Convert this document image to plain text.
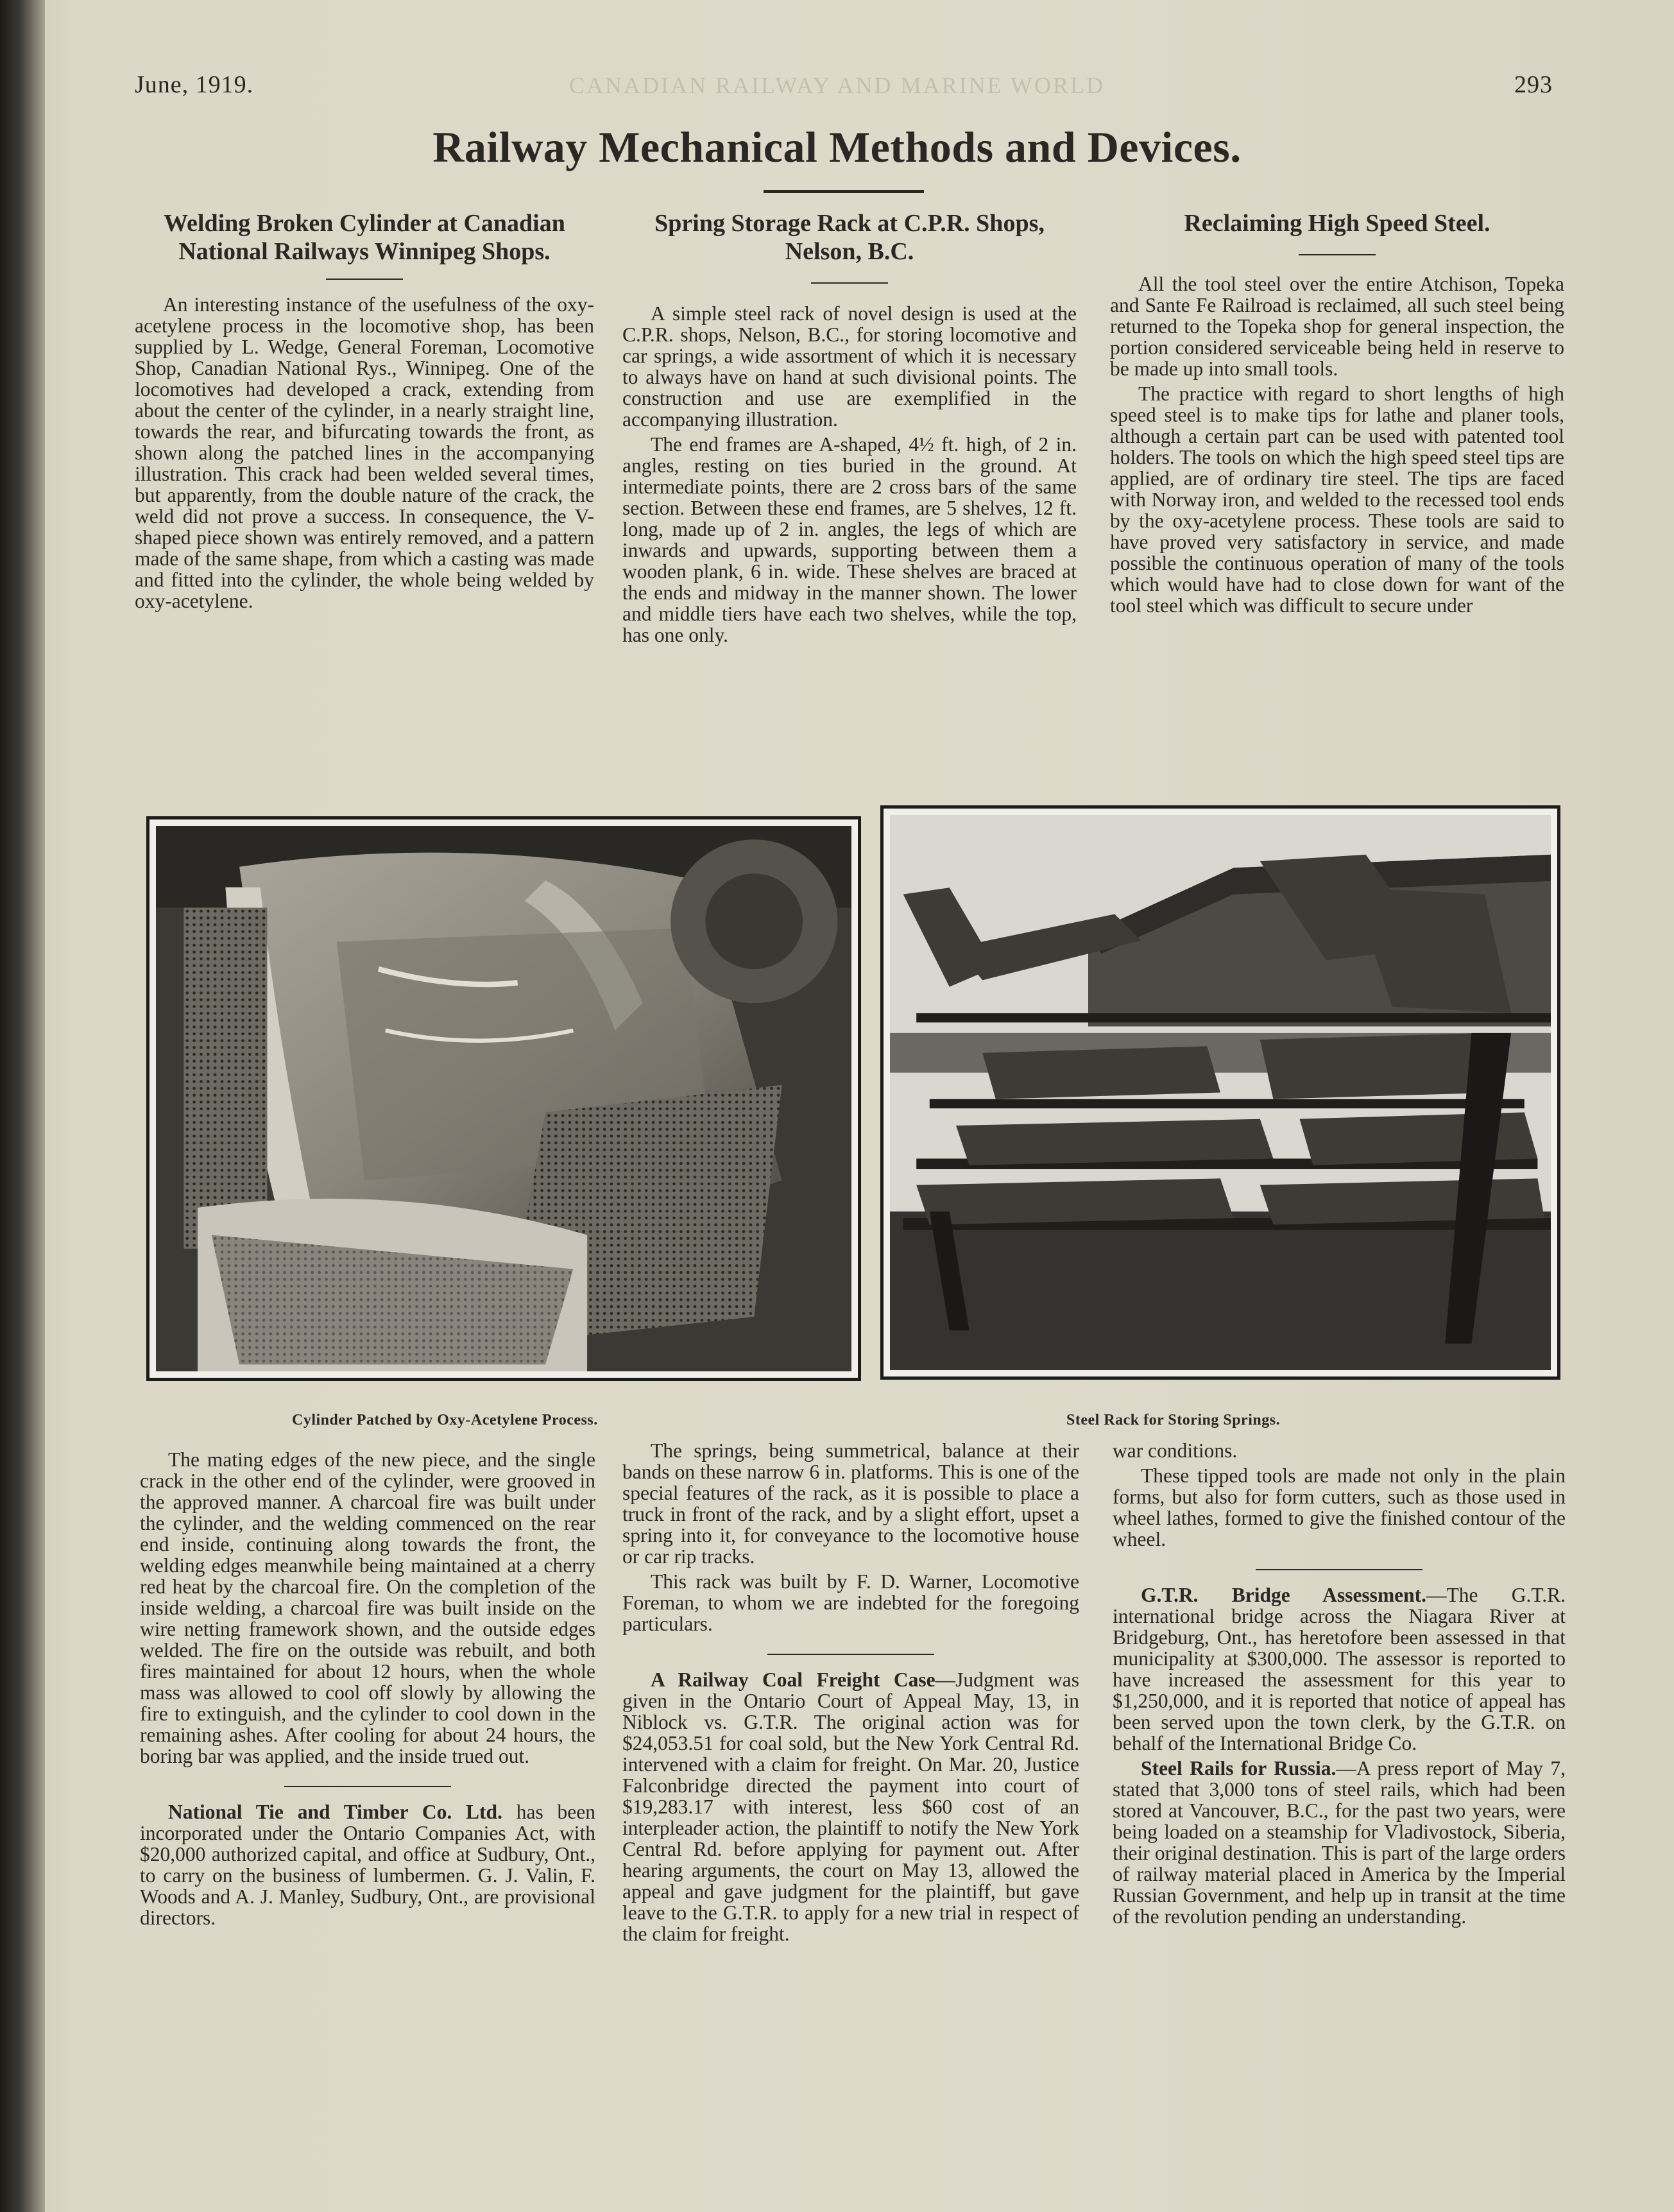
June, 1919.	CANADIAN RAILWAY AND MARINE WORLD	293
Railway Mechanical Methods and Devices.
Welding Broken Cylinder at Canadian National Railways Winnipeg Shops.

An interesting instance of the usefulness of the oxy-acetylene process in the locomotive shop, has been supplied by L. Wedge, General Foreman, Locomotive Shop, Canadian National Rys., Winnipeg. One of the locomotives had developed a crack, extending from about the center of the cylinder, in a nearly straight line, towards the rear, and bifurcating towards the front, as shown along the patched lines in the accompanying illustration. This crack had been welded several times, but apparently, from the double nature of the crack, the weld did not prove a success. In consequence, the V-shaped piece shown was entirely removed, and a pattern made of the same shape, from which a casting was made and fitted into the cylinder, the whole being welded by oxy-acetylene.

Spring Storage Rack at C.P.R. Shops, Nelson, B.C.

A simple steel rack of novel design is used at the C.P.R. shops, Nelson, B.C., for storing locomotive and car springs, a wide assortment of which it is necessary to always have on hand at such divisional points. The construction and use are exemplified in the accompanying illustration.

The end frames are A-shaped, 4½ ft. high, of 2 in. angles, resting on ties buried in the ground. At intermediate points, there are 2 cross bars of the same section. Between these end frames, are 5 shelves, 12 ft. long, made up of 2 in. angles, the legs of which are inwards and upwards, supporting between them a wooden plank, 6 in. wide. These shelves are braced at the ends and midway in the manner shown. The lower and middle tiers have each two shelves, while the top, has one only.

Reclaiming High Speed Steel.

All the tool steel over the entire Atchison, Topeka and Sante Fe Railroad is reclaimed, all such steel being returned to the Topeka shop for general inspection, the portion considered serviceable being held in reserve to be made up into small tools.

The practice with regard to short lengths of high speed steel is to make tips for lathe and planer tools, although a certain part can be used with patented tool holders. The tools on which the high speed steel tips are applied, are of ordinary tire steel. The tips are faced with Norway iron, and welded to the recessed tool ends by the oxy-acetylene process. These tools are said to have proved very satisfactory in service, and made possible the continuous operation of many of the tools which would have had to close down for want of the tool steel which was difficult to secure under

Cylinder Patched by Oxy-Acetylene Process.	Steel Rack for Storing Springs.

The mating edges of the new piece, and the single crack in the other end of the cylinder, were grooved in the approved manner. A charcoal fire was built under the cylinder, and the welding commenced on the rear end inside, continuing along towards the front, the welding edges meanwhile being maintained at a cherry red heat by the charcoal fire. On the completion of the inside welding, a charcoal fire was built inside on the wire netting framework shown, and the outside edges welded. The fire on the outside was rebuilt, and both fires maintained for about 12 hours, when the whole mass was allowed to cool off slowly by allowing the fire to extinguish, and the cylinder to cool down in the remaining ashes. After cooling for about 24 hours, the boring bar was applied, and the inside trued out.

National Tie and Timber Co. Ltd. has been incorporated under the Ontario Companies Act, with $20,000 authorized capital, and office at Sudbury, Ont., to carry on the business of lumbermen. G. J. Valin, F. Woods and A. J. Manley, Sudbury, Ont., are provisional directors.

The springs, being summetrical, balance at their bands on these narrow 6 in. platforms. This is one of the special features of the rack, as it is possible to place a truck in front of the rack, and by a slight effort, upset a spring into it, for conveyance to the locomotive house or car rip tracks.

This rack was built by F. D. Warner, Locomotive Foreman, to whom we are indebted for the foregoing particulars.

A Railway Coal Freight Case—Judgment was given in the Ontario Court of Appeal May, 13, in Niblock vs. G.T.R. The original action was for $24,053.51 for coal sold, but the New York Central Rd. intervened with a claim for freight. On Mar. 20, Justice Falconbridge directed the payment into court of $19,283.17 with interest, less $60 cost of an interpleader action, the plaintiff to notify the New York Central Rd. before applying for payment out. After hearing arguments, the court on May 13, allowed the appeal and gave judgment for the plaintiff, but gave leave to the G.T.R. to apply for a new trial in respect of the claim for freight.

war conditions.

These tipped tools are made not only in the plain forms, but also for form cutters, such as those used in wheel lathes, formed to give the finished contour of the wheel.

G.T.R. Bridge Assessment.—The G.T.R. international bridge across the Niagara River at Bridgeburg, Ont., has heretofore been assessed in that municipality at $300,000. The assessor is reported to have increased the assessment for this year to $1,250,000, and it is reported that notice of appeal has been served upon the town clerk, by the G.T.R. on behalf of the International Bridge Co.

Steel Rails for Russia.—A press report of May 7, stated that 3,000 tons of steel rails, which had been stored at Vancouver, B.C., for the past two years, were being loaded on a steamship for Vladivostock, Siberia, their original destination. This is part of the large orders of railway material placed in America by the Imperial Russian Government, and help up in transit at the time of the revolution pending an understanding.
